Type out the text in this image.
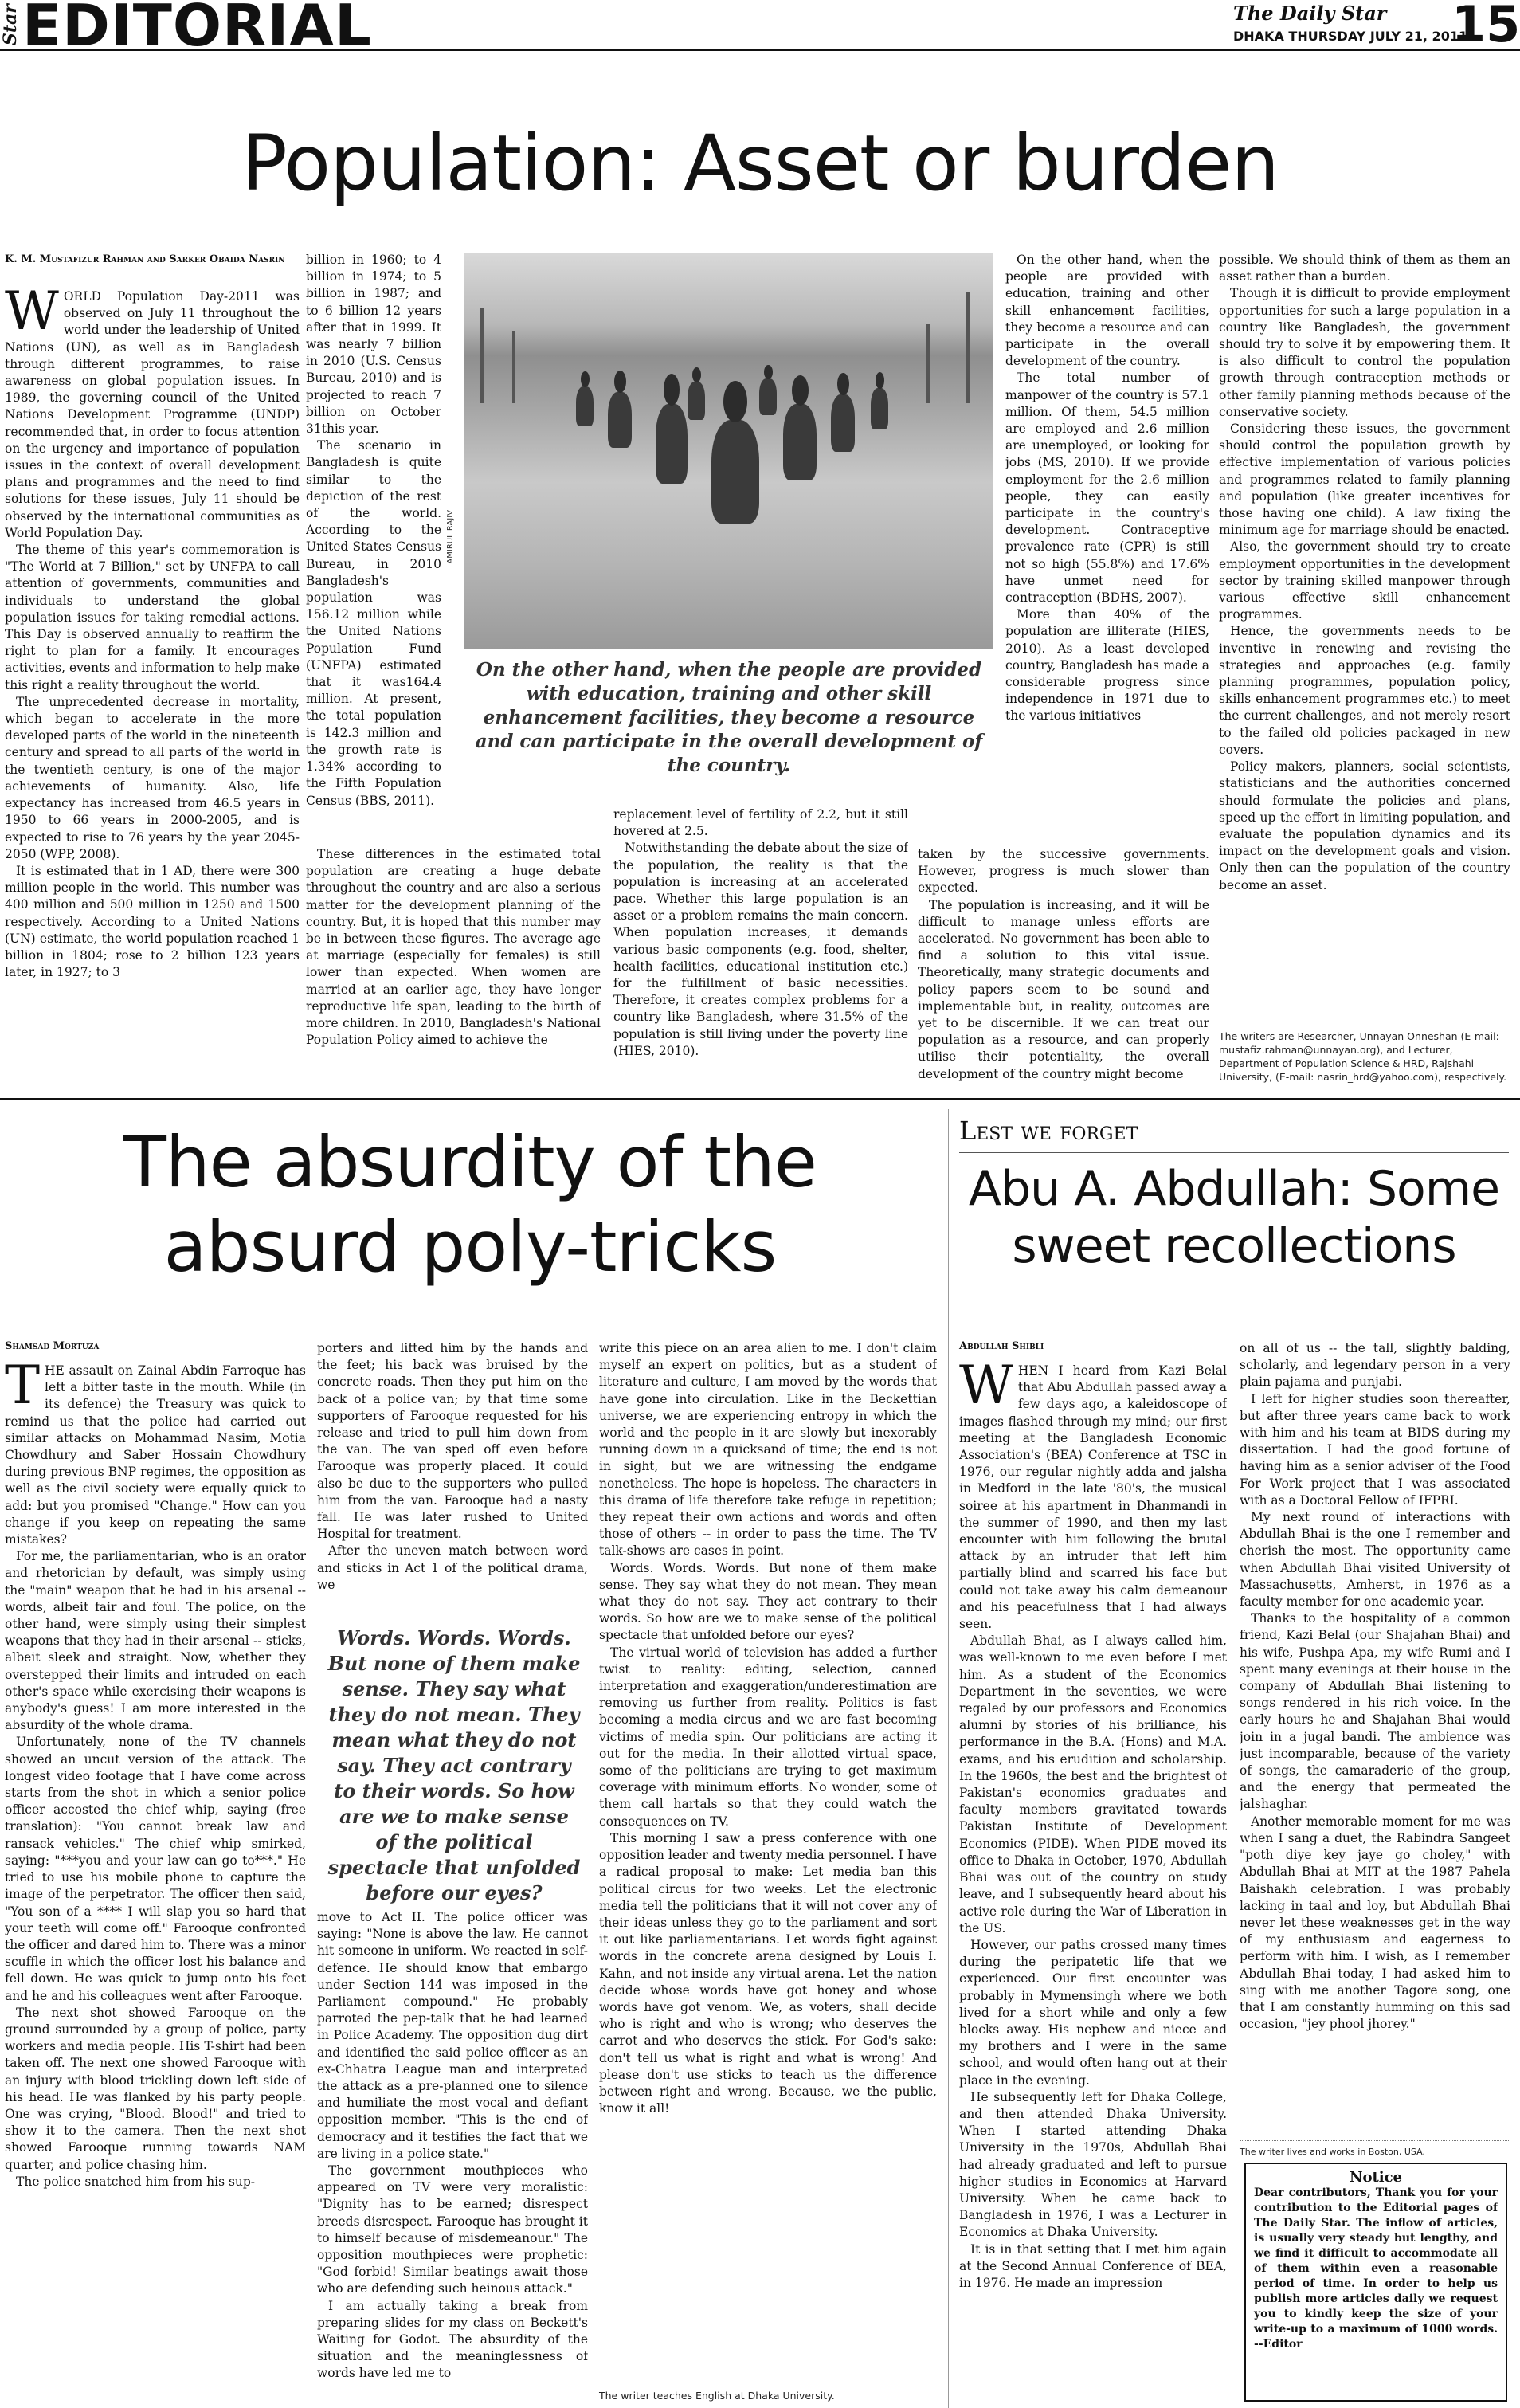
Star EDITORIAL	The Daily Star
DHAKA THURSDAY JULY 21, 2011
15
Population: Asset or burden
K. M. Mustafizur Rahman and Sarker Obaida Nasrin
W ORLD Population Day-2011 was observed on July 11 throughout the world under the leadership of United Nations (UN), as well as in Bangladesh through different programmes, to raise awareness on global population issues. In 1989, the governing council of the United Nations Development Programme (UNDP) recommended that, in order to focus attention on the urgency and importance of population issues in the context of overall development plans and programmes and the need to find solutions for these issues, July 11 should be observed by the international communities as World Population Day.

The theme of this year's commemoration is "The World at 7 Billion," set by UNFPA to call attention of governments, communities and individuals to understand the global population issues for taking remedial actions. This Day is observed annually to reaffirm the right to plan for a family. It encourages activities, events and information to help make this right a reality throughout the world.

The unprecedented decrease in mortality, which began to accelerate in the more developed parts of the world in the nineteenth century and spread to all parts of the world in the twentieth century, is one of the major achievements of humanity. Also, life expectancy has increased from 46.5 years in 1950 to 66 years in 2000-2005, and is expected to rise to 76 years by the year 2045-2050 (WPP, 2008).

It is estimated that in 1 AD, there were 300 million people in the world. This number was 400 million and 500 million in 1250 and 1500 respectively. According to a United Nations (UN) estimate, the world population reached 1 billion in 1804; rose to 2 billion 123 years later, in 1927; to 3

billion in 1960; to 4 billion in 1974; to 5 billion in 1987; and to 6 billion 12 years after that in 1999. It was nearly 7 billion in 2010 (U.S. Census Bureau, 2010) and is projected to reach 7 billion on October 31this year.

The scenario in Bangladesh is quite similar to the depiction of the rest of the world. According to the United States Census Bureau, in 2010 Bangladesh's population was 156.12 million while the United Nations Population Fund (UNFPA) estimated that it was164.4 million. At present, the total population is 142.3 million and the growth rate is 1.34% according to the Fifth Population Census (BBS, 2011).

These differences in the estimated total population are creating a huge debate throughout the country and are also a serious matter for the development planning of the country. But, it is hoped that this number may be in between these figures. The average age at marriage (especially for females) is still lower than expected. When women are married at an earlier age, they have longer reproductive life span, leading to the birth of more children. In 2010, Bangladesh's National Population Policy aimed to achieve the

AMIRUL RAJIV
On the other hand, when the people are provided with education, training and other skill enhancement facilities, they become a resource and can participate in the overall development of the country.

replacement level of fertility of 2.2, but it still hovered at 2.5.

Notwithstanding the debate about the size of the population, the reality is that the population is increasing at an accelerated pace. Whether this large population is an asset or a problem remains the main concern. When population increases, it demands various basic components (e.g. food, shelter, health facilities, educational institution etc.) for the fulfillment of basic necessities. Therefore, it creates complex problems for a country like Bangladesh, where 31.5% of the population is still living under the poverty line (HIES, 2010).

On the other hand, when the people are provided with education, training and other skill enhancement facilities, they become a resource and can participate in the overall development of the country.

The total number of manpower of the country is 57.1 million. Of them, 54.5 million are employed and 2.6 million are unemployed, or looking for jobs (MS, 2010). If we provide employment for the 2.6 million people, they can easily participate in the country's development. Contraceptive prevalence rate (CPR) is still not so high (55.8%) and 17.6% have unmet need for contraception (BDHS, 2007).

More than 40% of the population are illiterate (HIES, 2010). As a least developed country, Bangladesh has made a considerable progress since independence in 1971 due to the various initiatives

taken by the successive governments. However, progress is much slower than expected.

The population is increasing, and it will be difficult to manage unless efforts are accelerated. No government has been able to find a solution to this vital issue. Theoretically, many strategic documents and policy papers seem to be sound and implementable but, in reality, outcomes are yet to be discernible. If we can treat our population as a resource, and can properly utilise their potentiality, the overall development of the country might become

possible. We should think of them as them an asset rather than a burden.

Though it is difficult to provide employment opportunities for such a large population in a country like Bangladesh, the government should try to solve it by empowering them. It is also difficult to control the population growth through contraception methods or other family planning methods because of the conservative society.

Considering these issues, the government should control the population growth by effective implementation of various policies and programmes related to family planning and population (like greater incentives for those having one child). A law fixing the minimum age for marriage should be enacted.

Also, the government should try to create employment opportunities in the development sector by training skilled manpower through various effective skill enhancement programmes.

Hence, the governments needs to be inventive in renewing and revising the strategies and approaches (e.g. family planning programmes, population policy, skills enhancement programmes etc.) to meet the current challenges, and not merely resort to the failed old policies packaged in new covers.

Policy makers, planners, social scientists, statisticians and the authorities concerned should formulate the policies and plans, speed up the effort in limiting population, and evaluate the population dynamics and its impact on the development goals and vision. Only then can the population of the country become an asset.

The writers are Researcher, Unnayan Onneshan (E-mail: mustafiz.rahman@unnayan.org), and Lecturer, Department of Population Science & HRD, Rajshahi University, (E-mail: nasrin_hrd@yahoo.com), respectively.
The absurdity of the
absurd poly-tricks
Shamsad Mortuza
T HE assault on Zainal Abdin Farroque has left a bitter taste in the mouth. While (in its defence) the Treasury was quick to remind us that the police had carried out similar attacks on Mohammad Nasim, Motia Chowdhury and Saber Hossain Chowdhury during previous BNP regimes, the opposition as well as the civil society were equally quick to add: but you promised "Change." How can you change if you keep on repeating the same mistakes?

For me, the parliamentarian, who is an orator and rhetorician by default, was simply using the "main" weapon that he had in his arsenal -- words, albeit fair and foul. The police, on the other hand, were simply using their simplest weapons that they had in their arsenal -- sticks, albeit sleek and straight. Now, whether they overstepped their limits and intruded on each other's space while exercising their weapons is anybody's guess! I am more interested in the absurdity of the whole drama.

Unfortunately, none of the TV channels showed an uncut version of the attack. The longest video footage that I have come across starts from the shot in which a senior police officer accosted the chief whip, saying (free translation): "You cannot break law and ransack vehicles." The chief whip smirked, saying: "***you and your law can go to***." He tried to use his mobile phone to capture the image of the perpetrator. The officer then said, "You son of a **** I will slap you so hard that your teeth will come off." Farooque confronted the officer and dared him to. There was a minor scuffle in which the officer lost his balance and fell down. He was quick to jump onto his feet and he and his colleagues went after Farooque.

The next shot showed Farooque on the ground surrounded by a group of police, party workers and media people. His T-shirt had been taken off. The next one showed Farooque with an injury with blood trickling down left side of his head. He was flanked by his party people. One was crying, "Blood. Blood!" and tried to show it to the camera. Then the next shot showed Farooque running towards NAM quarter, and police chasing him.

The police snatched him from his sup-

porters and lifted him by the hands and the feet; his back was bruised by the concrete roads. Then they put him on the back of a police van; by that time some supporters of Farooque requested for his release and tried to pull him down from the van. The van sped off even before Farooque was properly placed. It could also be due to the supporters who pulled him from the van. Farooque had a nasty fall. He was later rushed to United Hospital for treatment.

After the uneven match between word and sticks in Act 1 of the political drama, we

Words. Words. Words. But none of them make sense. They say what they do not mean. They mean what they do not say. They act contrary to their words. So how are we to make sense of the political spectacle that unfolded before our eyes?

move to Act II. The police officer was saying: "None is above the law. He cannot hit someone in uniform. We reacted in self-defence. He should know that embargo under Section 144 was imposed in the Parliament compound." He probably parroted the pep-talk that he had learned in Police Academy. The opposition dug dirt and identified the said police officer as an ex-Chhatra League man and interpreted the attack as a pre-planned one to silence and humiliate the most vocal and defiant opposition member. "This is the end of democracy and it testifies the fact that we are living in a police state."

The government mouthpieces who appeared on TV were very moralistic: "Dignity has to be earned; disrespect breeds disrespect. Farooque has brought it to himself because of misdemeanour." The opposition mouthpieces were prophetic: "God forbid! Similar beatings await those who are defending such heinous attack."

I am actually taking a break from preparing slides for my class on Beckett's Waiting for Godot. The absurdity of the situation and the meaninglessness of words have led me to

write this piece on an area alien to me. I don't claim myself an expert on politics, but as a student of literature and culture, I am moved by the words that have gone into circulation. Like in the Beckettian universe, we are experiencing entropy in which the world and the people in it are slowly but inexorably running down in a quicksand of time; the end is not in sight, but we are witnessing the endgame nonetheless. The hope is hopeless. The characters in this drama of life therefore take refuge in repetition; they repeat their own actions and words and often those of others -- in order to pass the time. The TV talk-shows are cases in point.

Words. Words. Words. But none of them make sense. They say what they do not mean. They mean what they do not say. They act contrary to their words. So how are we to make sense of the political spectacle that unfolded before our eyes?

The virtual world of television has added a further twist to reality: editing, selection, canned interpretation and exaggeration/underestimation are removing us further from reality. Politics is fast becoming a media circus and we are fast becoming victims of media spin. Our politicians are acting it out for the media. In their allotted virtual space, some of the politicians are trying to get maximum coverage with minimum efforts. No wonder, some of them call hartals so that they could watch the consequences on TV.

This morning I saw a press conference with one opposition leader and twenty media personnel. I have a radical proposal to make: Let media ban this political circus for two weeks. Let the electronic media tell the politicians that it will not cover any of their ideas unless they go to the parliament and sort it out like parliamentarians. Let words fight against words in the concrete arena designed by Louis I. Kahn, and not inside any virtual arena. Let the nation decide whose words have got honey and whose words have got venom. We, as voters, shall decide who is right and who is wrong; who deserves the carrot and who deserves the stick. For God's sake: don't tell us what is right and what is wrong! And please don't use sticks to teach us the difference between right and wrong. Because, we the public, know it all!

The writer teaches English at Dhaka University.
Lest we forget
Abu A. Abdullah: Some
sweet recollections
Abdullah Shibli
W HEN I heard from Kazi Belal that Abu Abdullah passed away a few days ago, a kaleidoscope of images flashed through my mind; our first meeting at the Bangladesh Economic Association's (BEA) Conference at TSC in 1976, our regular nightly adda and jalsha in Medford in the late '80's, the musical soiree at his apartment in Dhanmandi in the summer of 1990, and then my last encounter with him following the brutal attack by an intruder that left him partially blind and scarred his face but could not take away his calm demeanour and his peacefulness that I had always seen.

Abdullah Bhai, as I always called him, was well-known to me even before I met him. As a student of the Economics Department in the seventies, we were regaled by our professors and Economics alumni by stories of his brilliance, his performance in the B.A. (Hons) and M.A. exams, and his erudition and scholarship. In the 1960s, the best and the brightest of Pakistan's economics graduates and faculty members gravitated towards Pakistan Institute of Development Economics (PIDE). When PIDE moved its office to Dhaka in October, 1970, Abdullah Bhai was out of the country on study leave, and I subsequently heard about his active role during the War of Liberation in the US.

However, our paths crossed many times during the peripatetic life that we experienced. Our first encounter was probably in Mymensingh where we both lived for a short while and only a few blocks away. His nephew and niece and my brothers and I were in the same school, and would often hang out at their place in the evening.

He subsequently left for Dhaka College, and then attended Dhaka University. When I started attending Dhaka University in the 1970s, Abdullah Bhai had already graduated and left to pursue higher studies in Economics at Harvard University. When he came back to Bangladesh in 1976, I was a Lecturer in Economics at Dhaka University.

It is in that setting that I met him again at the Second Annual Conference of BEA, in 1976. He made an impression

on all of us -- the tall, slightly balding, scholarly, and legendary person in a very plain pajama and punjabi.

I left for higher studies soon thereafter, but after three years came back to work with him and his team at BIDS during my dissertation. I had the good fortune of having him as a senior adviser of the Food For Work project that I was associated with as a Doctoral Fellow of IFPRI.

My next round of interactions with Abdullah Bhai is the one I remember and cherish the most. The opportunity came when Abdullah Bhai visited University of Massachusetts, Amherst, in 1976 as a faculty member for one academic year.

Thanks to the hospitality of a common friend, Kazi Belal (our Shajahan Bhai) and his wife, Pushpa Apa, my wife Rumi and I spent many evenings at their house in the company of Abdullah Bhai listening to songs rendered in his rich voice. In the early hours he and Shajahan Bhai would join in a jugal bandi. The ambience was just incomparable, because of the variety of songs, the camaraderie of the group, and the energy that permeated the jalshaghar.

Another memorable moment for me was when I sang a duet, the Rabindra Sangeet "poth diye key jaye go choley," with Abdullah Bhai at MIT at the 1987 Pahela Baishakh celebration. I was probably lacking in taal and loy, but Abdullah Bhai never let these weaknesses get in the way of my enthusiasm and eagerness to perform with him. I wish, as I remember Abdullah Bhai today, I had asked him to sing with me another Tagore song, one that I am constantly humming on this sad occasion, "jey phool jhorey."

The writer lives and works in Boston, USA.
Notice
Dear contributors, Thank you for your contribution to the Editorial pages of The Daily Star. The inflow of articles, is usually very steady but lengthy, and we find it difficult to accommodate all of them within even a reasonable period of time. In order to help us publish more articles daily we request you to kindly keep the size of your write-up to a maximum of 1000 words. --Editor
